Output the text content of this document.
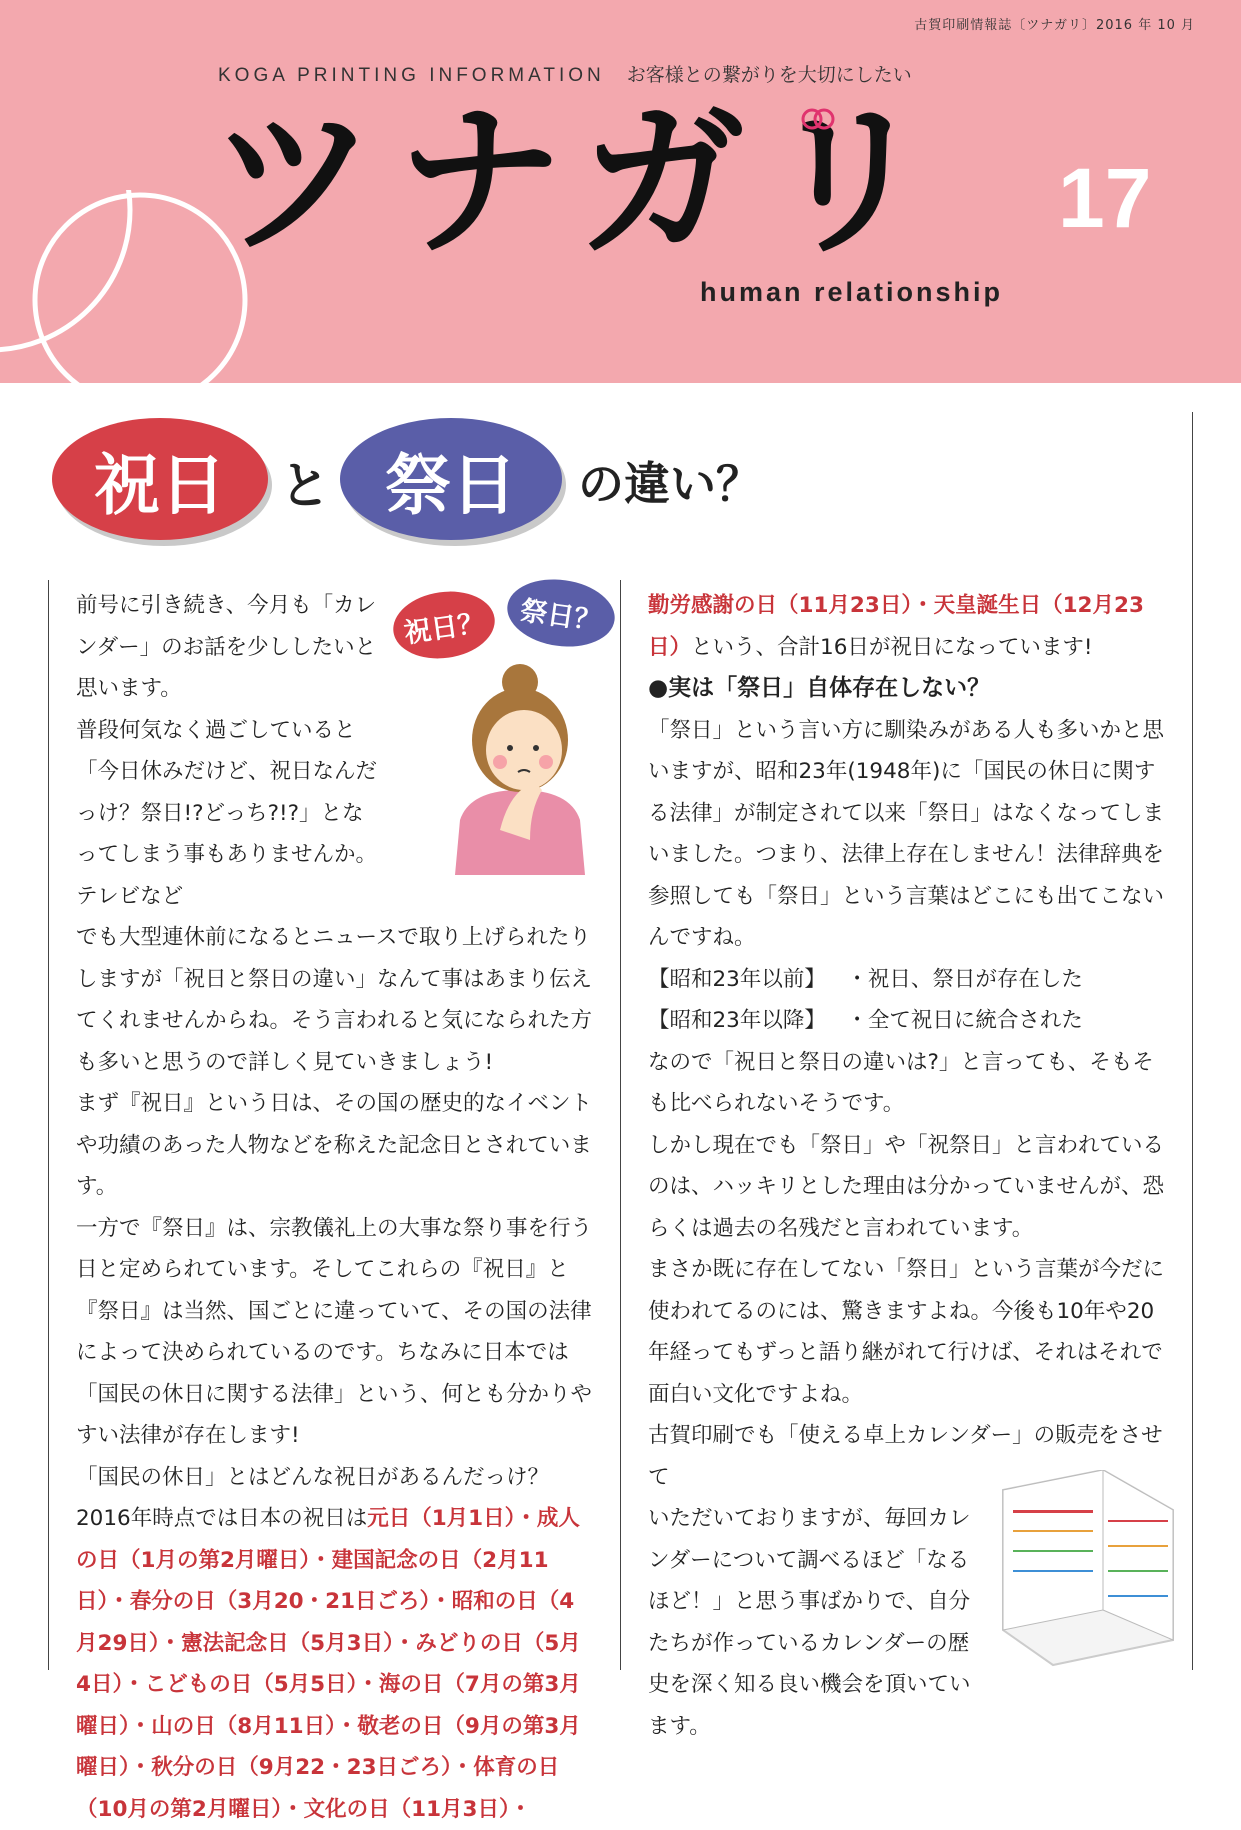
古賀印刷情報誌〔ツナガリ〕2016 年 10 月
KOGA PRINTING INFORMATION お客様との繋がりを大切にしたい
ツナガリ 17
human relationship
祝日	と 祭日	の違い？
祝日？	祭日？

前号に引き続き、今月も「カレンダー」のお話を少ししたいと思います。

普段何気なく過ごしていると「今日休みだけど、祝日なんだっけ？祭日!?どっち?!?」となってしまう事もありませんか。テレビなど

でも大型連休前になるとニュースで取り上げられたりしますが「祝日と祭日の違い」なんて事はあまり伝えてくれませんからね。そう言われると気になられた方も多いと思うので詳しく見ていきましょう!

まず『祝日』という日は、その国の歴史的なイベントや功績のあった人物などを称えた記念日とされています。

一方で『祭日』は、宗教儀礼上の大事な祭り事を行う日と定められています。そしてこれらの『祝日』と『祭日』は当然、国ごとに違っていて、その国の法律によって決められているのです。ちなみに日本では「国民の休日に関する法律」という、何とも分かりやすい法律が存在します!

「国民の休日」とはどんな祝日があるんだっけ？ 2016年時点では日本の祝日は元日（1月1日）・成人の日（1月の第2月曜日）・建国記念の日（2月11日）・春分の日（3月20・21日ごろ）・昭和の日（4月29日）・憲法記念日（5月3日）・みどりの日（5月4日）・こどもの日（5月5日）・海の日（7月の第3月曜日）・山の日（8月11日）・敬老の日（9月の第3月曜日）・秋分の日（9月22・23日ごろ）・体育の日（10月の第2月曜日）・文化の日（11月3日）・

勤労感謝の日（11月23日）・天皇誕生日（12月23日）という、合計16日が祝日になっています!

●実は「祭日」自体存在しない？

「祭日」という言い方に馴染みがある人も多いかと思いますが、昭和23年(1948年)に「国民の休日に関する法律」が制定されて以来「祭日」はなくなってしまいました。つまり、法律上存在しません！法律辞典を参照しても「祭日」という言葉はどこにも出てこないんですね。

【昭和23年以前】 ・祝日、祭日が存在した

【昭和23年以降】 ・全て祝日に統合された

なので「祝日と祭日の違いは?」と言っても、そもそも比べられないそうです。

しかし現在でも「祭日」や「祝祭日」と言われているのは、ハッキリとした理由は分かっていませんが、恐らくは過去の名残だと言われています。

まさか既に存在してない「祭日」という言葉が今だに使われてるのには、驚きますよね。今後も10年や20年経ってもずっと語り継がれて行けば、それはそれで面白い文化ですよね。

古賀印刷でも「使える卓上カレンダー」の販売をさせて

いただいておりますが、毎回カレンダーについて調べるほど「なるほど！」と思う事ばかりで、自分たちが作っているカレンダーの歴史を深く知る良い機会を頂いています。
